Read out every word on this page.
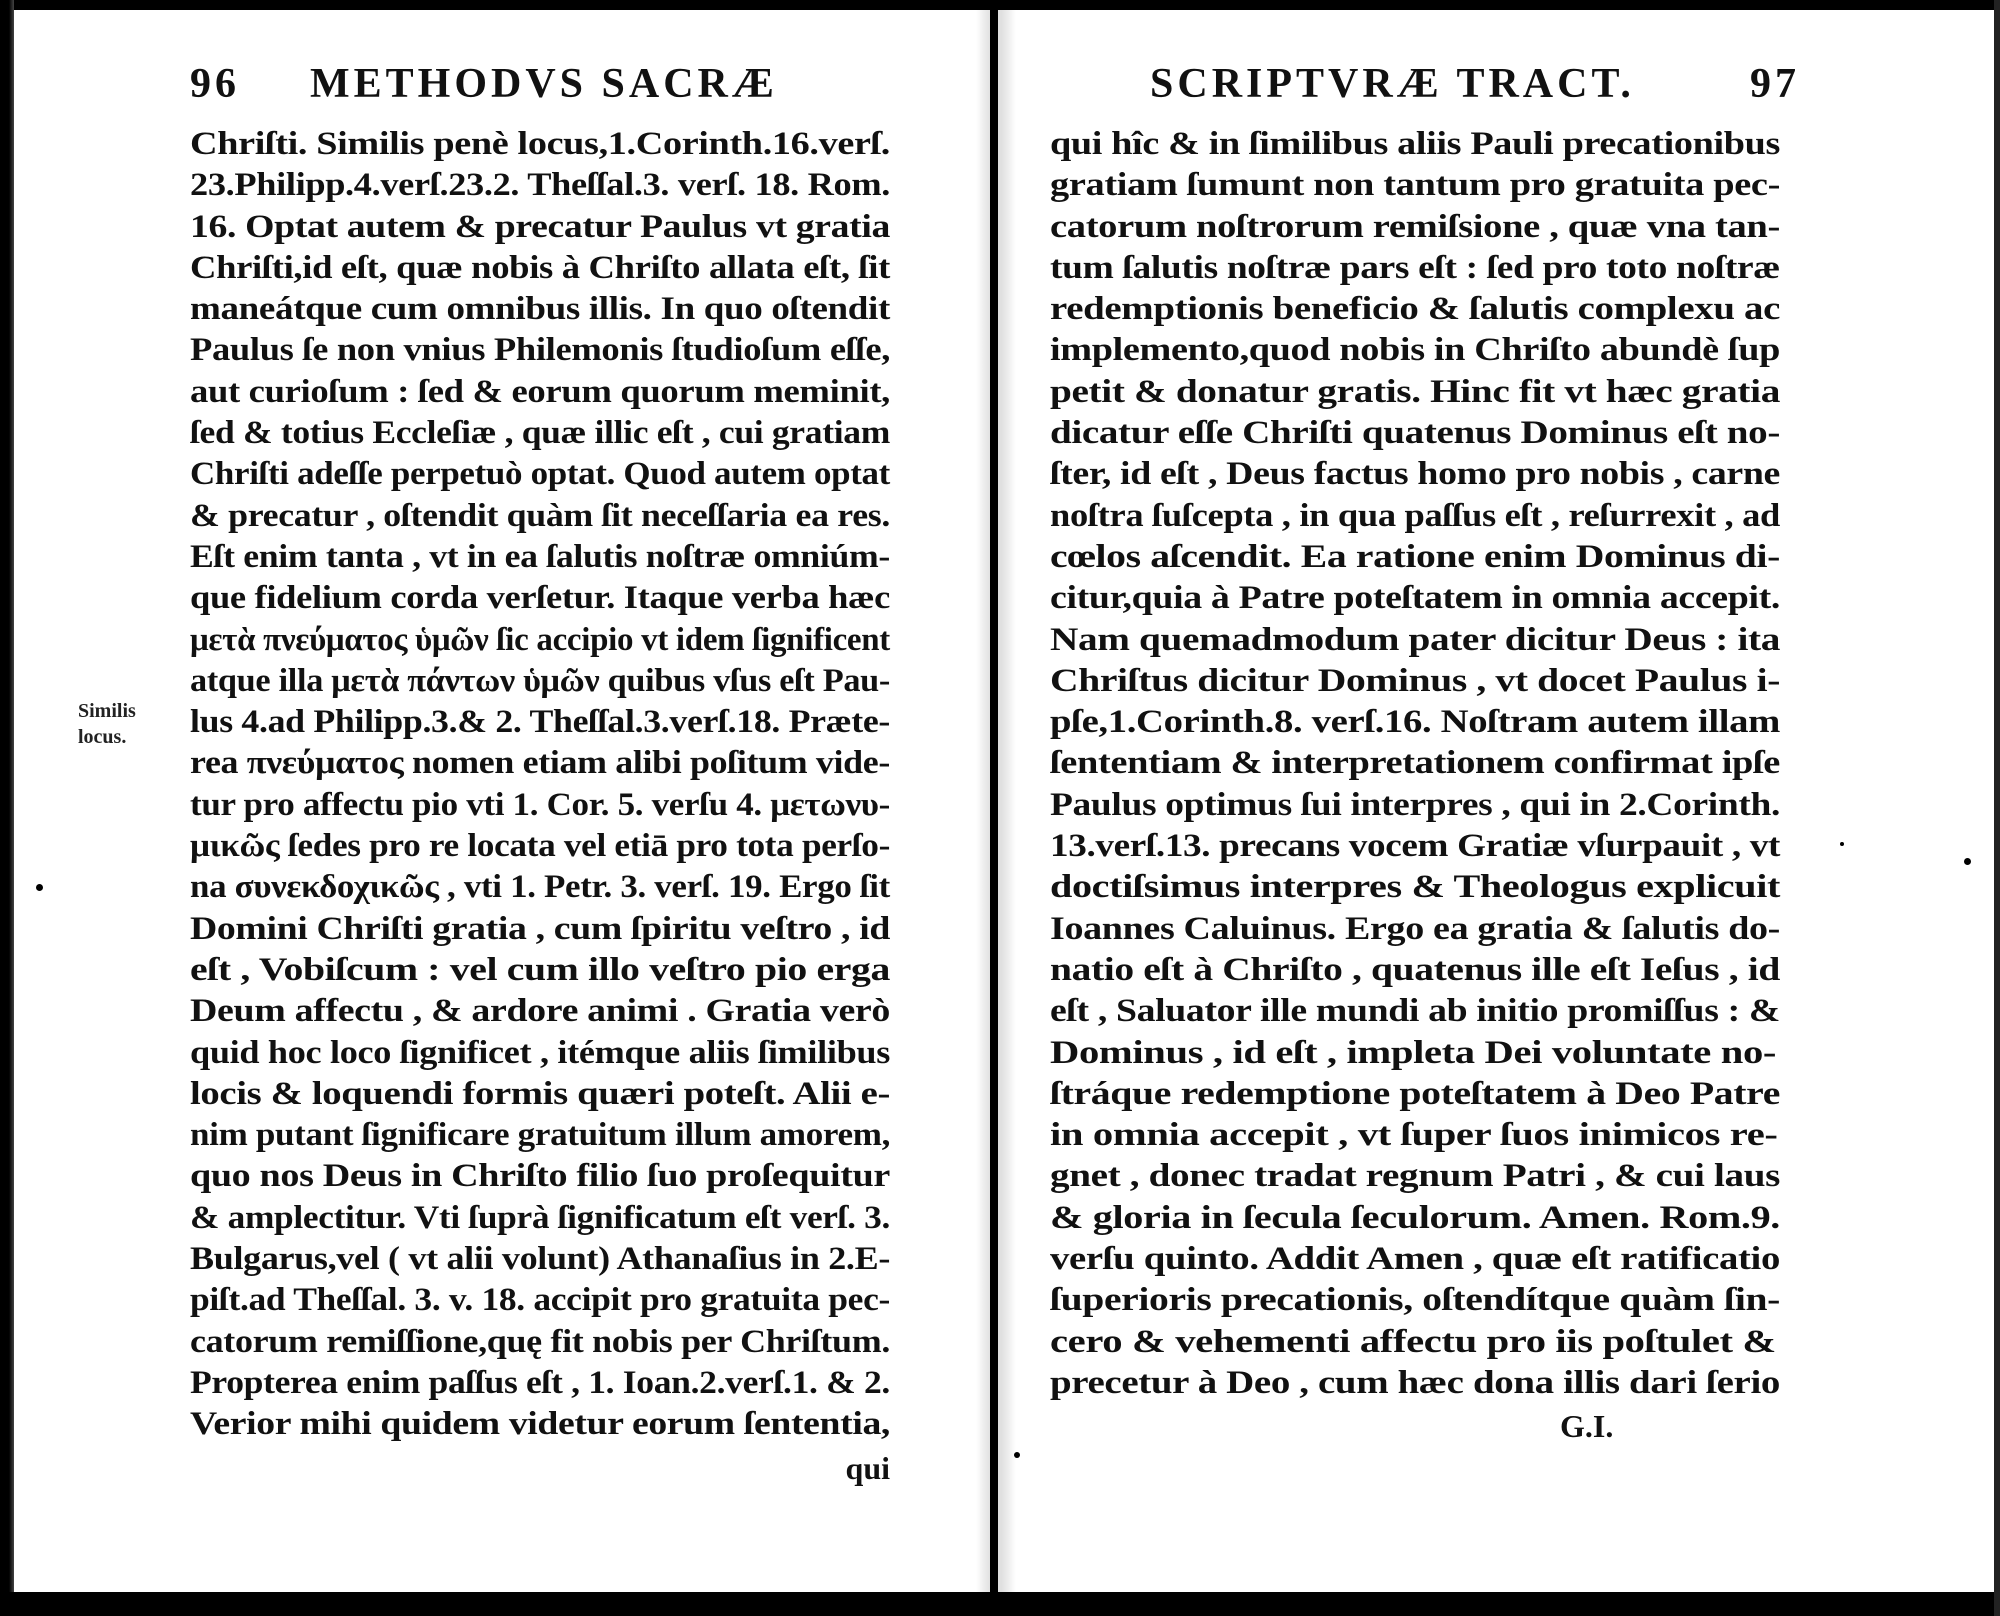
Similis
locus.
96 METHODVS SACRÆ
Chriſti. Similis penè locus,1.Corinth.16.verſ.
23.Philipp.4.verſ.23.2. Theſſal.3. verſ. 18. Rom.
16. Optat autem & precatur Paulus vt gratia
Chriſti,id eſt, quæ nobis à Chriſto allata eſt, ſit
maneátque cum omnibus illis. In quo oſtendit
Paulus ſe non vnius Philemonis ſtudioſum eſſe,
aut curioſum : ſed & eorum quorum meminit,
ſed & totius Eccleſiæ , quæ illic eſt , cui gratiam
Chriſti adeſſe perpetuò optat. Quod autem optat
& precatur , oſtendit quàm ſit neceſſaria ea res.
Eſt enim tanta , vt in ea ſalutis noſtræ omniúm-
que fidelium corda verſetur. Itaque verba hæc
μετὰ πνεύματος ὑμῶν ſic accipio vt idem ſignificent
atque illa μετὰ πάντων ὑμῶν quibus vſus eſt Pau-
lus 4.ad Philipp.3.& 2. Theſſal.3.verſ.18. Præte-
rea πνεύματος nomen etiam alibi poſitum vide-
tur pro affectu pio vti 1. Cor. 5. verſu 4. μετωνυ-
μικῶς ſedes pro re locata vel etiā pro tota perſo-
na συνεκδοχικῶς , vti 1. Petr. 3. verſ. 19. Ergo ſit
Domini Chriſti gratia , cum ſpiritu veſtro , id
eſt , Vobiſcum : vel cum illo veſtro pio erga
Deum affectu , & ardore animi . Gratia verò
quid hoc loco ſignificet , itémque aliis ſimilibus
locis & loquendi formis quæri poteſt. Alii e-
nim putant ſignificare gratuitum illum amorem,
quo nos Deus in Chriſto filio ſuo proſequitur
& amplectitur. Vti ſuprà ſignificatum eſt verſ. 3.
Bulgarus,vel ( vt alii volunt) Athanaſius in 2.E-
piſt.ad Theſſal. 3. v. 18. accipit pro gratuita pec-
catorum remiſſione,quę fit nobis per Chriſtum.
Propterea enim paſſus eſt , 1. Ioan.2.verſ.1. & 2.
Verior mihi quidem videtur eorum ſententia,
qui
SCRIPTVRÆ TRACT.	97
qui hîc & in ſimilibus aliis Pauli precationibus
gratiam ſumunt non tantum pro gratuita pec-
catorum noſtrorum remiſsione , quæ vna tan-
tum ſalutis noſtræ pars eſt : ſed pro toto noſtræ
redemptionis beneficio & ſalutis complexu ac
implemento,quod nobis in Chriſto abundè ſup
petit & donatur gratis. Hinc fit vt hæc gratia
dicatur eſſe Chriſti quatenus Dominus eſt no-
ſter, id eſt , Deus factus homo pro nobis , carne
noſtra ſuſcepta , in qua paſſus eſt , reſurrexit , ad
cœlos aſcendit. Ea ratione enim Dominus di-
citur,quia à Patre poteſtatem in omnia accepit.
Nam quemadmodum pater dicitur Deus : ita
Chriſtus dicitur Dominus , vt docet Paulus i-
pſe,1.Corinth.8. verſ.16. Noſtram autem illam
ſententiam & interpretationem confirmat ipſe
Paulus optimus ſui interpres , qui in 2.Corinth.
13.verſ.13. precans vocem Gratiæ vſurpauit , vt
doctiſsimus interpres & Theologus explicuit
Ioannes Caluinus. Ergo ea gratia & ſalutis do-
natio eſt à Chriſto , quatenus ille eſt Ieſus , id
eſt , Saluator ille mundi ab initio promiſſus : &
Dominus , id eſt , impleta Dei voluntate no-
ſtráque redemptione poteſtatem à Deo Patre
in omnia accepit , vt ſuper ſuos inimicos re-
gnet , donec tradat regnum Patri , & cui laus
& gloria in ſecula ſeculorum. Amen. Rom.9.
verſu quinto. Addit Amen , quæ eſt ratificatio
ſuperioris precationis, oſtendítque quàm ſin-
cero & vehementi affectu pro iis poſtulet &
precetur à Deo , cum hæc dona illis dari ſerio
G.I.
